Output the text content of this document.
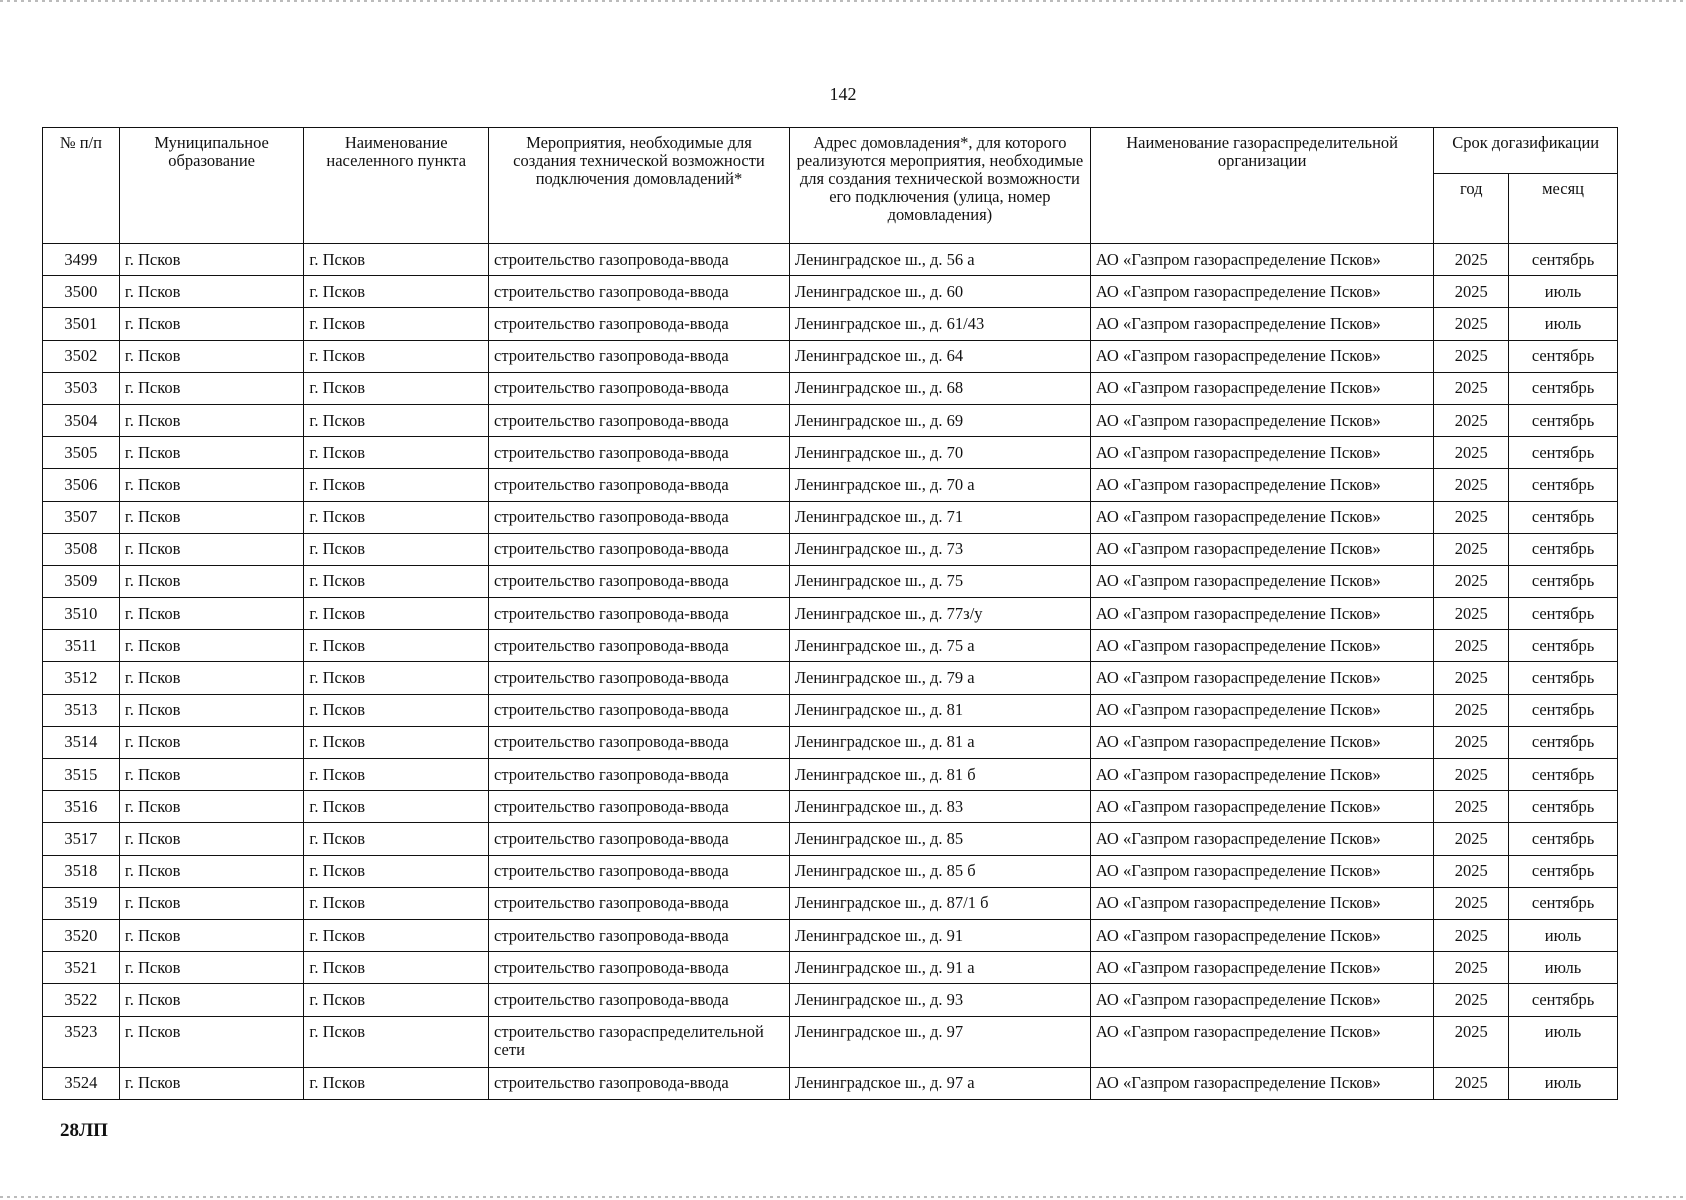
142
№ п/п	Муниципальное образование	Наименование населенного пункта	Мероприятия, необходимые для создания технической возможности подключения домовладений*	Адрес домовладения*, для которого реализуются мероприятия, необходимые для создания технической возможности его подключения (улица, номер домовладения)	Наименование газораспределительной организации	Срок догазификации	
						год	месяц
3499	г. Псков	г. Псков	строительство газопровода-ввода	Ленинградское ш., д. 56 а	АО «Газпром газораспределение Псков»	2025	сентябрь
3500	г. Псков	г. Псков	строительство газопровода-ввода	Ленинградское ш., д. 60	АО «Газпром газораспределение Псков»	2025	июль
3501	г. Псков	г. Псков	строительство газопровода-ввода	Ленинградское ш., д. 61/43	АО «Газпром газораспределение Псков»	2025	июль
3502	г. Псков	г. Псков	строительство газопровода-ввода	Ленинградское ш., д. 64	АО «Газпром газораспределение Псков»	2025	сентябрь
3503	г. Псков	г. Псков	строительство газопровода-ввода	Ленинградское ш., д. 68	АО «Газпром газораспределение Псков»	2025	сентябрь
3504	г. Псков	г. Псков	строительство газопровода-ввода	Ленинградское ш., д. 69	АО «Газпром газораспределение Псков»	2025	сентябрь
3505	г. Псков	г. Псков	строительство газопровода-ввода	Ленинградское ш., д. 70	АО «Газпром газораспределение Псков»	2025	сентябрь
3506	г. Псков	г. Псков	строительство газопровода-ввода	Ленинградское ш., д. 70 а	АО «Газпром газораспределение Псков»	2025	сентябрь
3507	г. Псков	г. Псков	строительство газопровода-ввода	Ленинградское ш., д. 71	АО «Газпром газораспределение Псков»	2025	сентябрь
3508	г. Псков	г. Псков	строительство газопровода-ввода	Ленинградское ш., д. 73	АО «Газпром газораспределение Псков»	2025	сентябрь
3509	г. Псков	г. Псков	строительство газопровода-ввода	Ленинградское ш., д. 75	АО «Газпром газораспределение Псков»	2025	сентябрь
3510	г. Псков	г. Псков	строительство газопровода-ввода	Ленинградское ш., д. 77з/у	АО «Газпром газораспределение Псков»	2025	сентябрь
3511	г. Псков	г. Псков	строительство газопровода-ввода	Ленинградское ш., д. 75 а	АО «Газпром газораспределение Псков»	2025	сентябрь
3512	г. Псков	г. Псков	строительство газопровода-ввода	Ленинградское ш., д. 79 а	АО «Газпром газораспределение Псков»	2025	сентябрь
3513	г. Псков	г. Псков	строительство газопровода-ввода	Ленинградское ш., д. 81	АО «Газпром газораспределение Псков»	2025	сентябрь
3514	г. Псков	г. Псков	строительство газопровода-ввода	Ленинградское ш., д. 81 а	АО «Газпром газораспределение Псков»	2025	сентябрь
3515	г. Псков	г. Псков	строительство газопровода-ввода	Ленинградское ш., д. 81 б	АО «Газпром газораспределение Псков»	2025	сентябрь
3516	г. Псков	г. Псков	строительство газопровода-ввода	Ленинградское ш., д. 83	АО «Газпром газораспределение Псков»	2025	сентябрь
3517	г. Псков	г. Псков	строительство газопровода-ввода	Ленинградское ш., д. 85	АО «Газпром газораспределение Псков»	2025	сентябрь
3518	г. Псков	г. Псков	строительство газопровода-ввода	Ленинградское ш., д. 85 б	АО «Газпром газораспределение Псков»	2025	сентябрь
3519	г. Псков	г. Псков	строительство газопровода-ввода	Ленинградское ш., д. 87/1 б	АО «Газпром газораспределение Псков»	2025	сентябрь
3520	г. Псков	г. Псков	строительство газопровода-ввода	Ленинградское ш., д. 91	АО «Газпром газораспределение Псков»	2025	июль
3521	г. Псков	г. Псков	строительство газопровода-ввода	Ленинградское ш., д. 91 а	АО «Газпром газораспределение Псков»	2025	июль
3522	г. Псков	г. Псков	строительство газопровода-ввода	Ленинградское ш., д. 93	АО «Газпром газораспределение Псков»	2025	сентябрь
3523	г. Псков	г. Псков	строительство газораспределительной сети	Ленинградское ш., д. 97	АО «Газпром газораспределение Псков»	2025	июль
3524	г. Псков	г. Псков	строительство газопровода-ввода	Ленинградское ш., д. 97 а	АО «Газпром газораспределение Псков»	2025	июль
28ЛП
